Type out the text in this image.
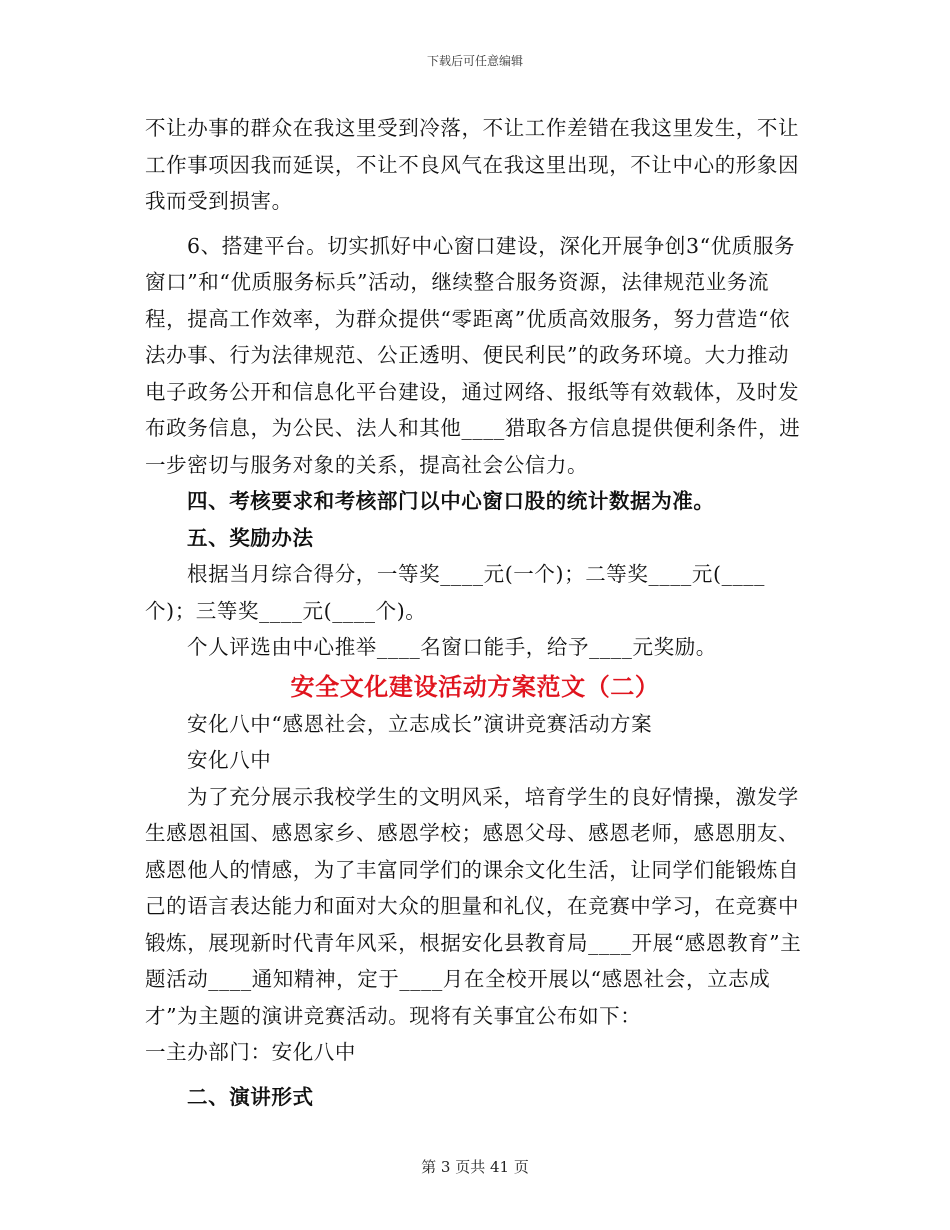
下载后可任意编辑

不让办事的群众在我这里受到冷落，不让工作差错在我这里发生，不让工作事项因我而延误，不让不良风气在我这里出现，不让中心的形象因我而受到损害。

6、搭建平台。切实抓好中心窗口建设，深化开展争创3“优质服务窗口”和“优质服务标兵”活动，继续整合服务资源，法律规范业务流程，提高工作效率，为群众提供“零距离”优质高效服务，努力营造“依法办事、行为法律规范、公正透明、便民利民”的政务环境。大力推动电子政务公开和信息化平台建设，通过网络、报纸等有效载体，及时发布政务信息，为公民、法人和其他____猎取各方信息提供便利条件，进一步密切与服务对象的关系，提高社会公信力。

四、考核要求和考核部门以中心窗口股的统计数据为准。

五、奖励办法

根据当月综合得分，一等奖____元(一个)；二等奖____元(____个)；三等奖____元(____个)。

个人评选由中心推举____名窗口能手，给予____元奖励。

安全文化建设活动方案范文（二）

安化八中“感恩社会，立志成长”演讲竞赛活动方案

安化八中

为了充分展示我校学生的文明风采，培育学生的良好情操，激发学生感恩祖国、感恩家乡、感恩学校；感恩父母、感恩老师，感恩朋友、感恩他人的情感，为了丰富同学们的课余文化生活，让同学们能锻炼自己的语言表达能力和面对大众的胆量和礼仪，在竞赛中学习，在竞赛中锻炼，展现新时代青年风采，根据安化县教育局____开展“感恩教育”主题活动____通知精神，定于____月在全校开展以“感恩社会，立志成才”为主题的演讲竞赛活动。现将有关事宜公布如下：

一主办部门：安化八中

二、演讲形式

第 3 页共 41 页
